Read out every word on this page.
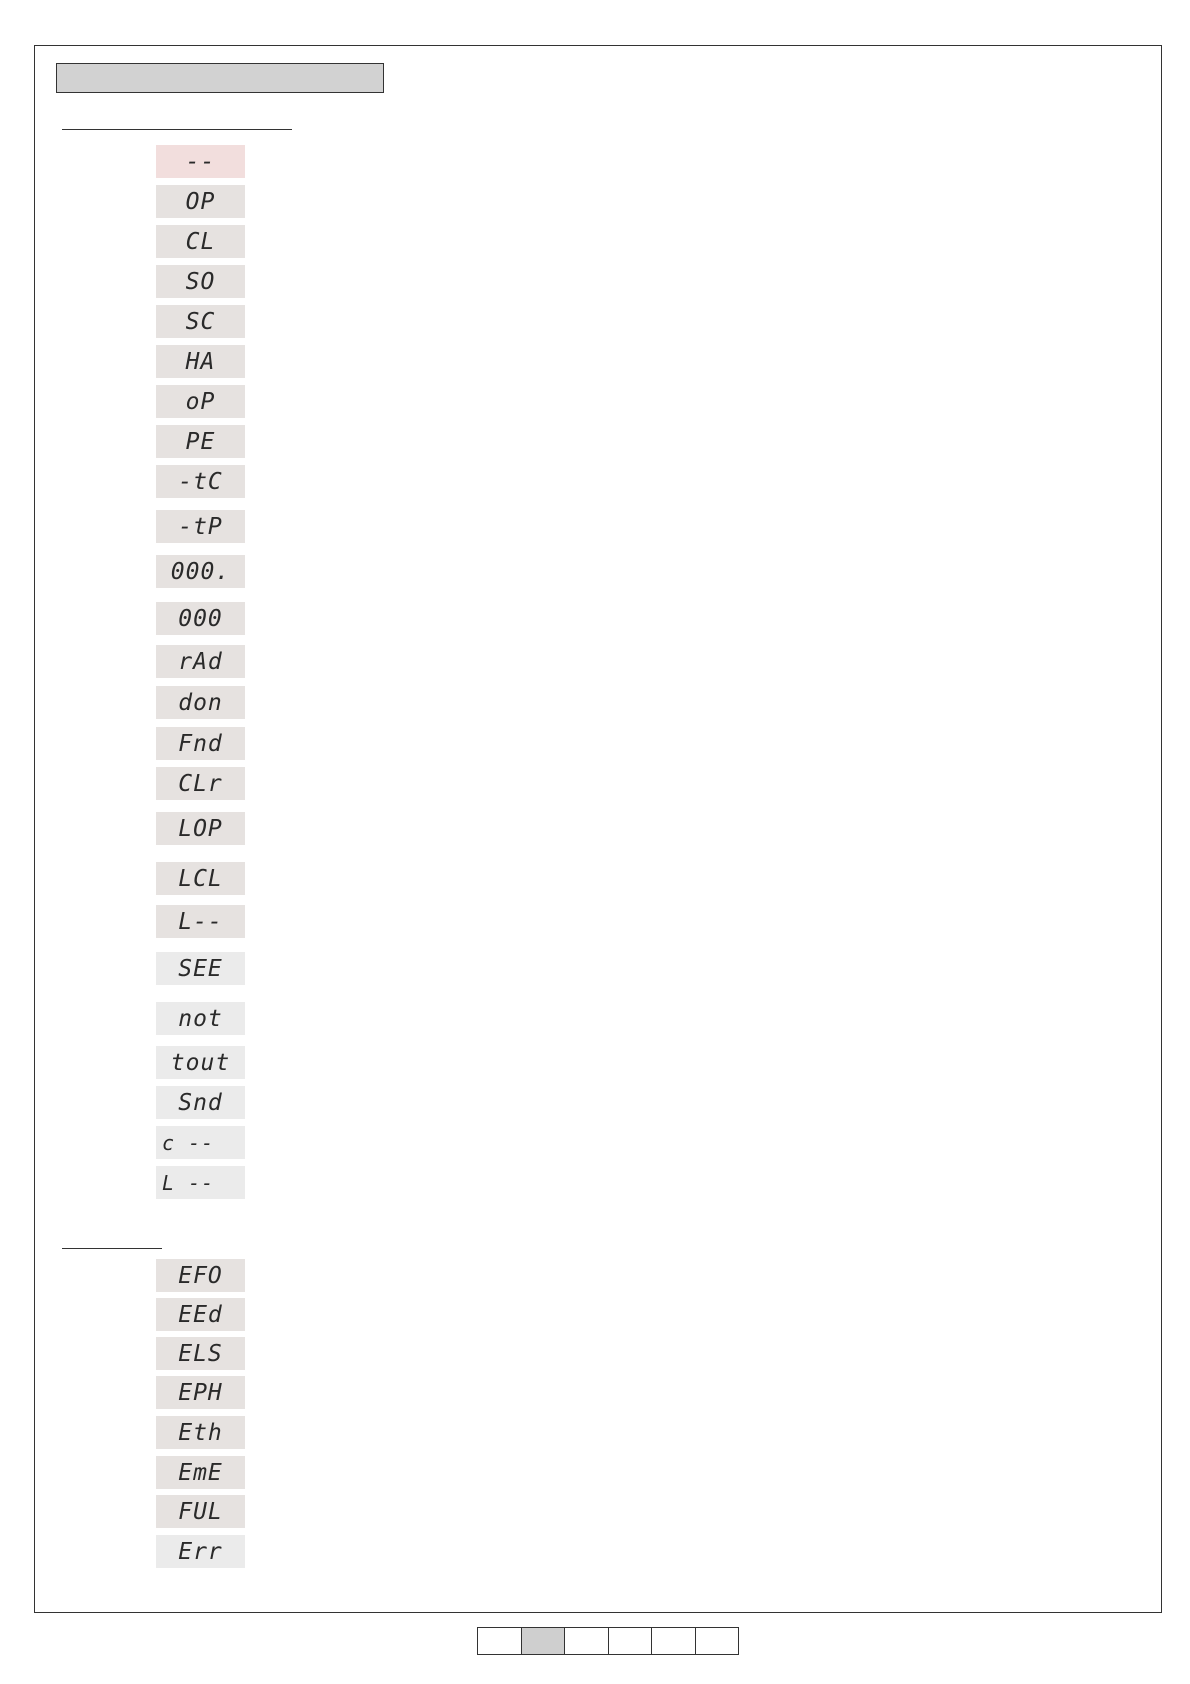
--
OP
CL
SO
SC
HA
oP
PE
-tC
-tP
000.
000
rAd
don
Fnd
CLr
LOP
LCL
L--
SEE
not
tout
Snd
c --
L --
EFO
EEd
ELS
EPH
Eth
EmE
FUL
Err
